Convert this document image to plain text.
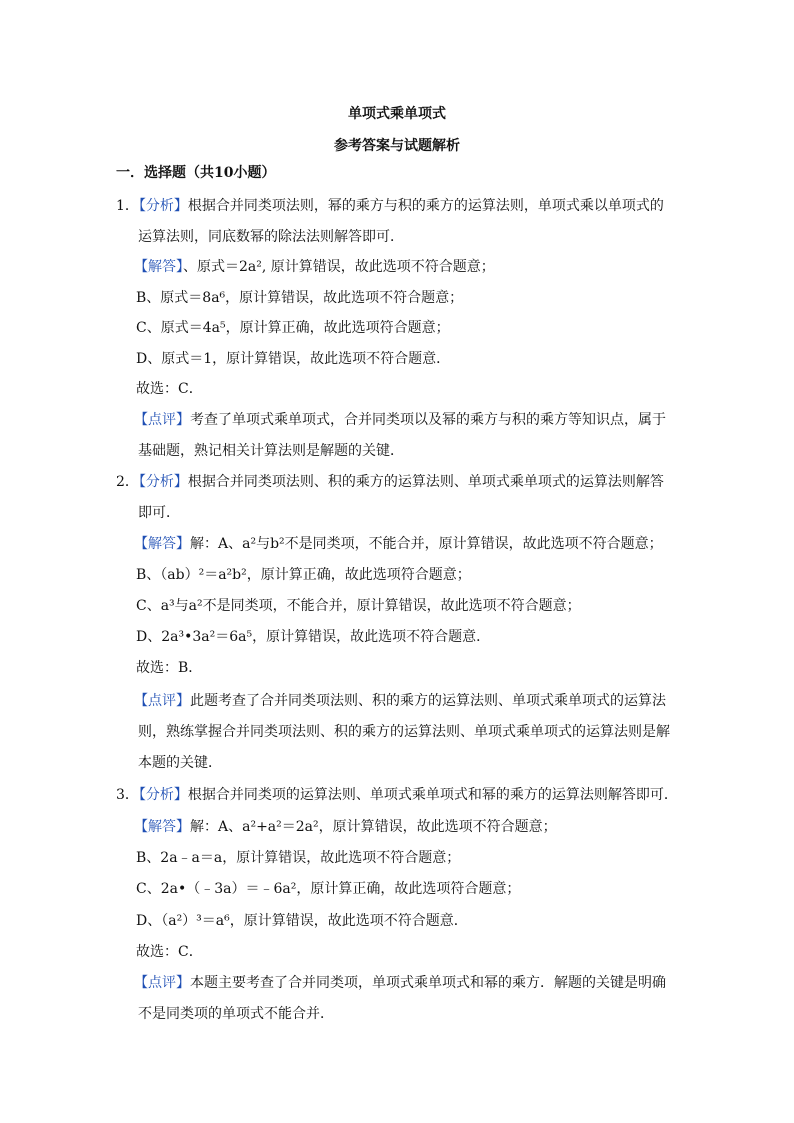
单项式乘单项式
参考答案与试题解析
一．选择题（共10小题）
1．【分析】根据合并同类项法则，幂的乘方与积的乘方的运算法则，单项式乘以单项式的
运算法则，同底数幂的除法法则解答即可．
【解答】、原式＝2a², 原计算错误，故此选项不符合题意；
B、原式＝8a⁶，原计算错误，故此选项不符合题意；
C、原式＝4a⁵，原计算正确，故此选项符合题意；
D、原式＝1，原计算错误，故此选项不符合题意．
故选：C．
【点评】考查了单项式乘单项式，合并同类项以及幂的乘方与积的乘方等知识点，属于
基础题，熟记相关计算法则是解题的关键．
2．【分析】根据合并同类项法则、积的乘方的运算法则、单项式乘单项式的运算法则解答
即可．
【解答】解：A、a²与b²不是同类项，不能合并，原计算错误，故此选项不符合题意；
B、（ab）²＝a²b²，原计算正确，故此选项符合题意；
C、a³与a²不是同类项，不能合并，原计算错误，故此选项不符合题意；
D、2a³•3a²＝6a⁵，原计算错误，故此选项不符合题意．
故选：B．
【点评】此题考查了合并同类项法则、积的乘方的运算法则、单项式乘单项式的运算法
则，熟练掌握合并同类项法则、积的乘方的运算法则、单项式乘单项式的运算法则是解
本题的关键．
3．【分析】根据合并同类项的运算法则、单项式乘单项式和幂的乘方的运算法则解答即可．
【解答】解：A、a²+a²＝2a²，原计算错误，故此选项不符合题意；
B、2a﹣a＝a，原计算错误，故此选项不符合题意；
C、2a•（﹣3a）＝﹣6a²，原计算正确，故此选项符合题意；
D、（a²）³＝a⁶，原计算错误，故此选项不符合题意．
故选：C．
【点评】本题主要考查了合并同类项，单项式乘单项式和幂的乘方．解题的关键是明确
不是同类项的单项式不能合并．
